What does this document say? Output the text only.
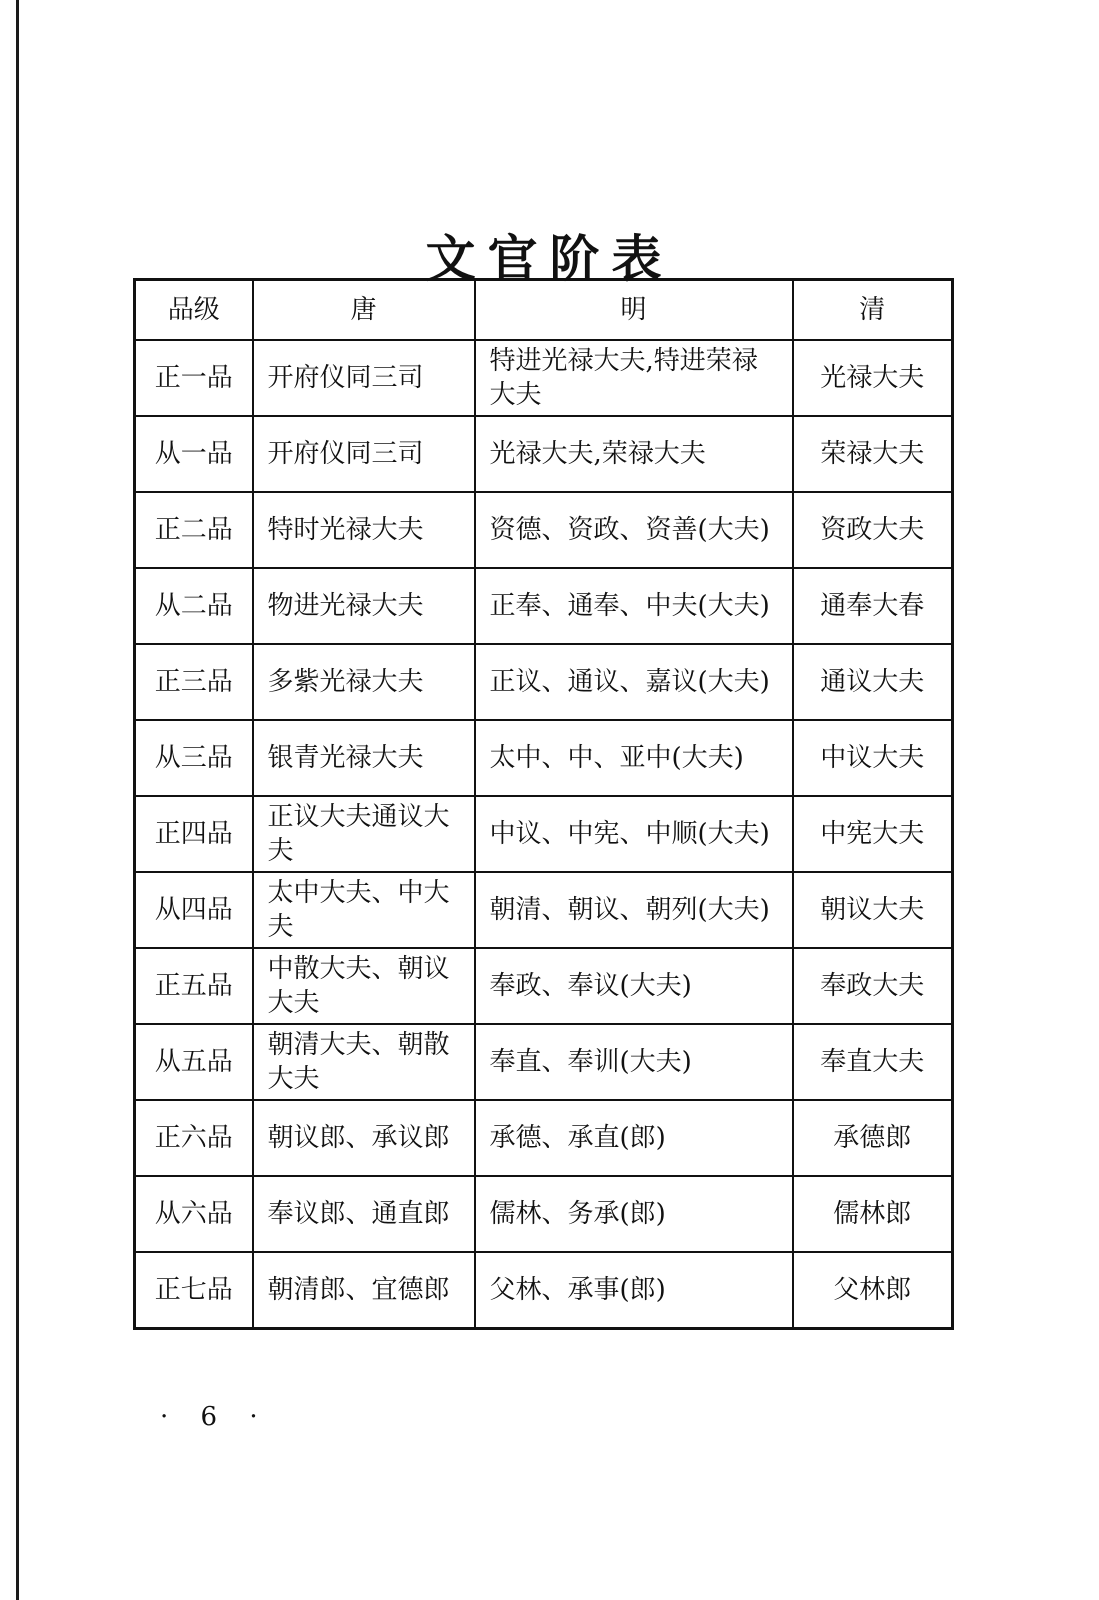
文官阶表
品级	唐	明	清
正一品	开府仪同三司	特进光禄大夫,特进荣禄大夫	光禄大夫
从一品	开府仪同三司	光禄大夫,荣禄大夫	荣禄大夫
正二品	特时光禄大夫	资德、资政、资善(大夫)	资政大夫
从二品	物进光禄大夫	正奉、通奉、中夫(大夫)	通奉大春
正三品	多紫光禄大夫	正议、通议、嘉议(大夫)	通议大夫
从三品	银青光禄大夫	太中、中、亚中(大夫)	中议大夫
正四品	正议大夫通议大夫	中议、中宪、中顺(大夫)	中宪大夫
从四品	太中大夫、中大夫	朝清、朝议、朝列(大夫)	朝议大夫
正五品	中散大夫、朝议大夫	奉政、奉议(大夫)	奉政大夫
从五品	朝清大夫、朝散大夫	奉直、奉训(大夫)	奉直大夫
正六品	朝议郎、承议郎	承德、承直(郎)	承德郎
从六品	奉议郎、通直郎	儒林、务承(郎)	儒林郎
正七品	朝清郎、宜德郎	父林、承事(郎)	父林郎
· 6 ·
